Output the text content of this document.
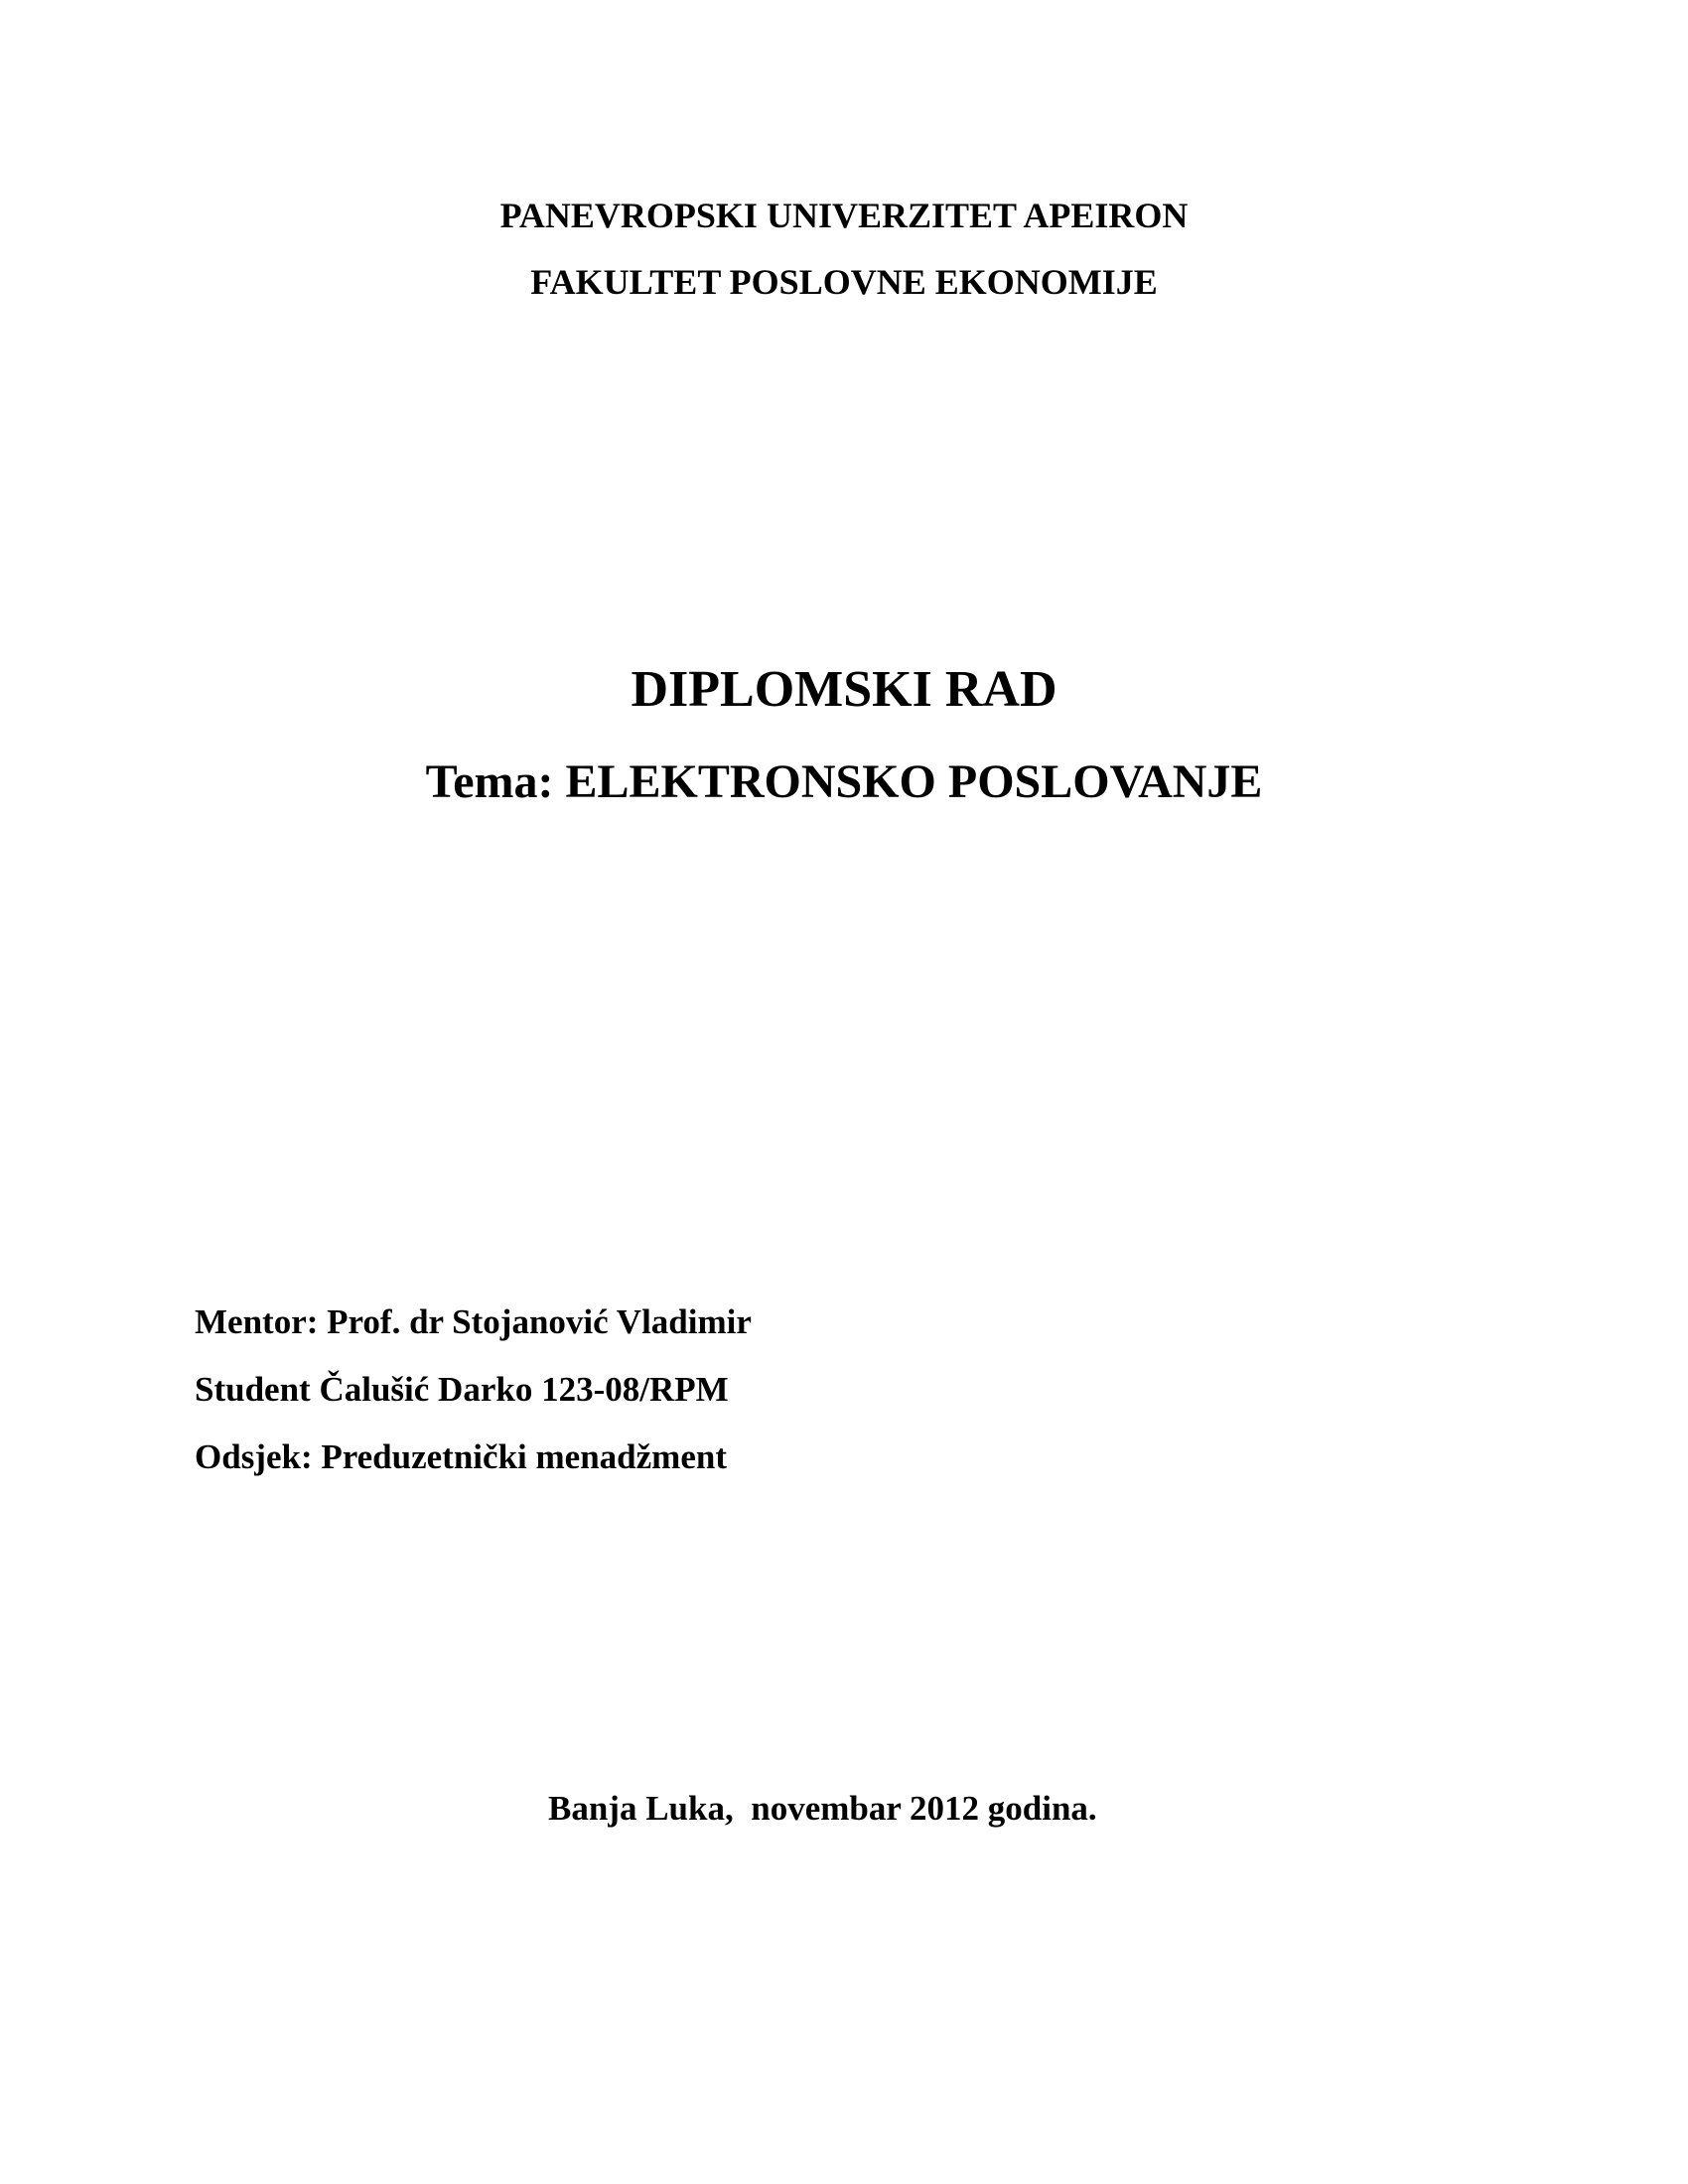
PANEVROPSKI UNIVERZITET APEIRON
FAKULTET POSLOVNE EKONOMIJE
DIPLOMSKI RAD
Tema: ELEKTRONSKO POSLOVANJE
Mentor: Prof. dr Stojanović Vladimir
Student Čalušić Darko 123-08/RPM
Odsjek: Preduzetnički menadžment
Banja Luka,  novembar 2012 godina.
